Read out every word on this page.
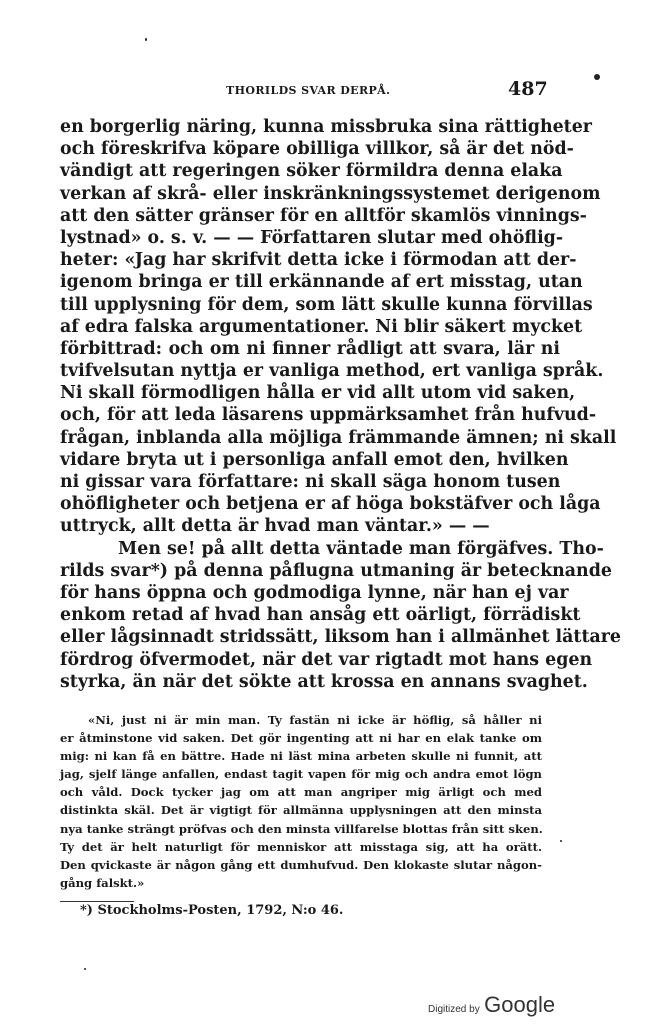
THORILDS SVAR DERPÅ.	487
en borgerlig näring, kunna missbruka sina rättigheter
och föreskrifva köpare obilliga villkor, så är det nöd-
vändigt att regeringen söker förmildra denna elaka
verkan af skrå- eller inskränkningssystemet derigenom
att den sätter gränser för en alltför skamlös vinnings-
lystnad» o. s. v. — — Författaren slutar med ohöflig-
heter: «Jag har skrifvit detta icke i förmodan att der-
igenom bringa er till erkännande af ert misstag, utan
till upplysning för dem, som lätt skulle kunna förvillas
af edra falska argumentationer. Ni blir säkert mycket
förbittrad: och om ni finner rådligt att svara, lär ni
tvifvelsutan nyttja er vanliga method, ert vanliga språk.
Ni skall förmodligen hålla er vid allt utom vid saken,
och, för att leda läsarens uppmärksamhet från hufvud-
frågan, inblanda alla möjliga främmande ämnen; ni skall
vidare bryta ut i personliga anfall emot den, hvilken
ni gissar vara författare: ni skall säga honom tusen
ohöfligheter och betjena er af höga bokstäfver och låga
uttryck, allt detta är hvad man väntar.» — —
Men se! på allt detta väntade man förgäfves. Tho-
rilds svar*) på denna påflugna utmaning är betecknande
för hans öppna och godmodiga lynne, när han ej var
enkom retad af hvad han ansåg ett oärligt, förrädiskt
eller lågsinnadt stridssätt, liksom han i allmänhet lättare
fördrog öfvermodet, när det var rigtadt mot hans egen
styrka, än när det sökte att krossa en annans svaghet.
«Ni, just ni är min man. Ty fastän ni icke är höflig, så håller ni
er åtminstone vid saken. Det gör ingenting att ni har en elak tanke om
mig: ni kan få en bättre. Hade ni läst mina arbeten skulle ni funnit, att
jag, sjelf länge anfallen, endast tagit vapen för mig och andra emot lögn
och våld. Dock tycker jag om att man angriper mig ärligt och med
distinkta skäl. Det är vigtigt för allmänna upplysningen att den minsta
nya tanke strängt pröfvas och den minsta villfarelse blottas från sitt sken.
Ty det är helt naturligt för menniskor att misstaga sig, att ha orätt.
Den qvickaste är någon gång ett dumhufvud. Den klokaste slutar någon-
gång falskt.»
*) Stockholms-Posten, 1792, N:o 46.
Digitized by Google
